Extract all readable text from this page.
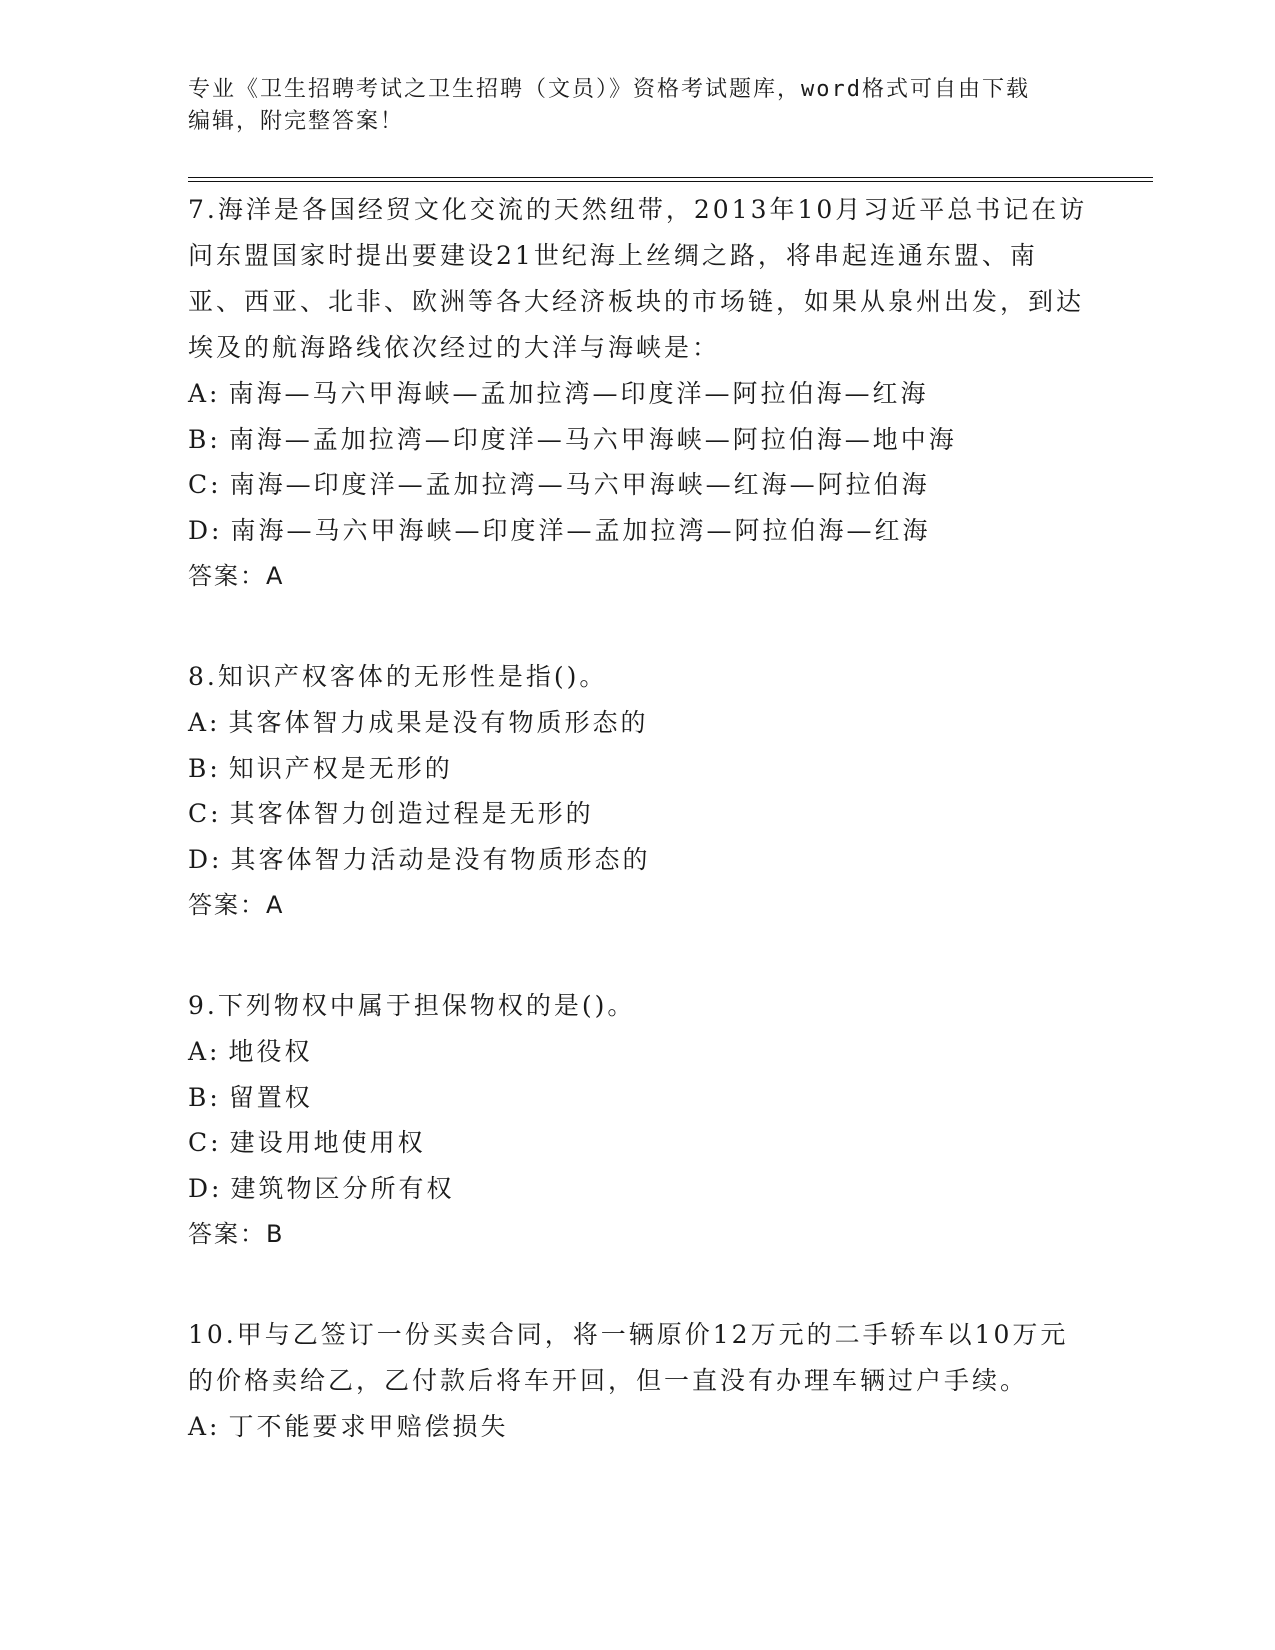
专业《卫生招聘考试之卫生招聘（文员）》资格考试题库，word格式可自由下载
编辑，附完整答案！

7.海洋是各国经贸文化交流的天然纽带，2013年10月习近平总书记在访问东盟国家时提出要建设21世纪海上丝绸之路，将串起连通东盟、南亚、西亚、北非、欧洲等各大经济板块的市场链，如果从泉州出发，到达埃及的航海路线依次经过的大洋与海峡是：

A: 南海—马六甲海峡—孟加拉湾—印度洋—阿拉伯海—红海

B: 南海—孟加拉湾—印度洋—马六甲海峡—阿拉伯海—地中海

C: 南海—印度洋—孟加拉湾—马六甲海峡—红海—阿拉伯海

D: 南海—马六甲海峡—印度洋—孟加拉湾—阿拉伯海—红海

答案：A

8.知识产权客体的无形性是指()。

A: 其客体智力成果是没有物质形态的

B: 知识产权是无形的

C: 其客体智力创造过程是无形的

D: 其客体智力活动是没有物质形态的

答案：A

9.下列物权中属于担保物权的是()。

A: 地役权

B: 留置权

C: 建设用地使用权

D: 建筑物区分所有权

答案：B

10.甲与乙签订一份买卖合同，将一辆原价12万元的二手轿车以10万元的价格卖给乙，乙付款后将车开回，但一直没有办理车辆过户手续。

A: 丁不能要求甲赔偿损失
